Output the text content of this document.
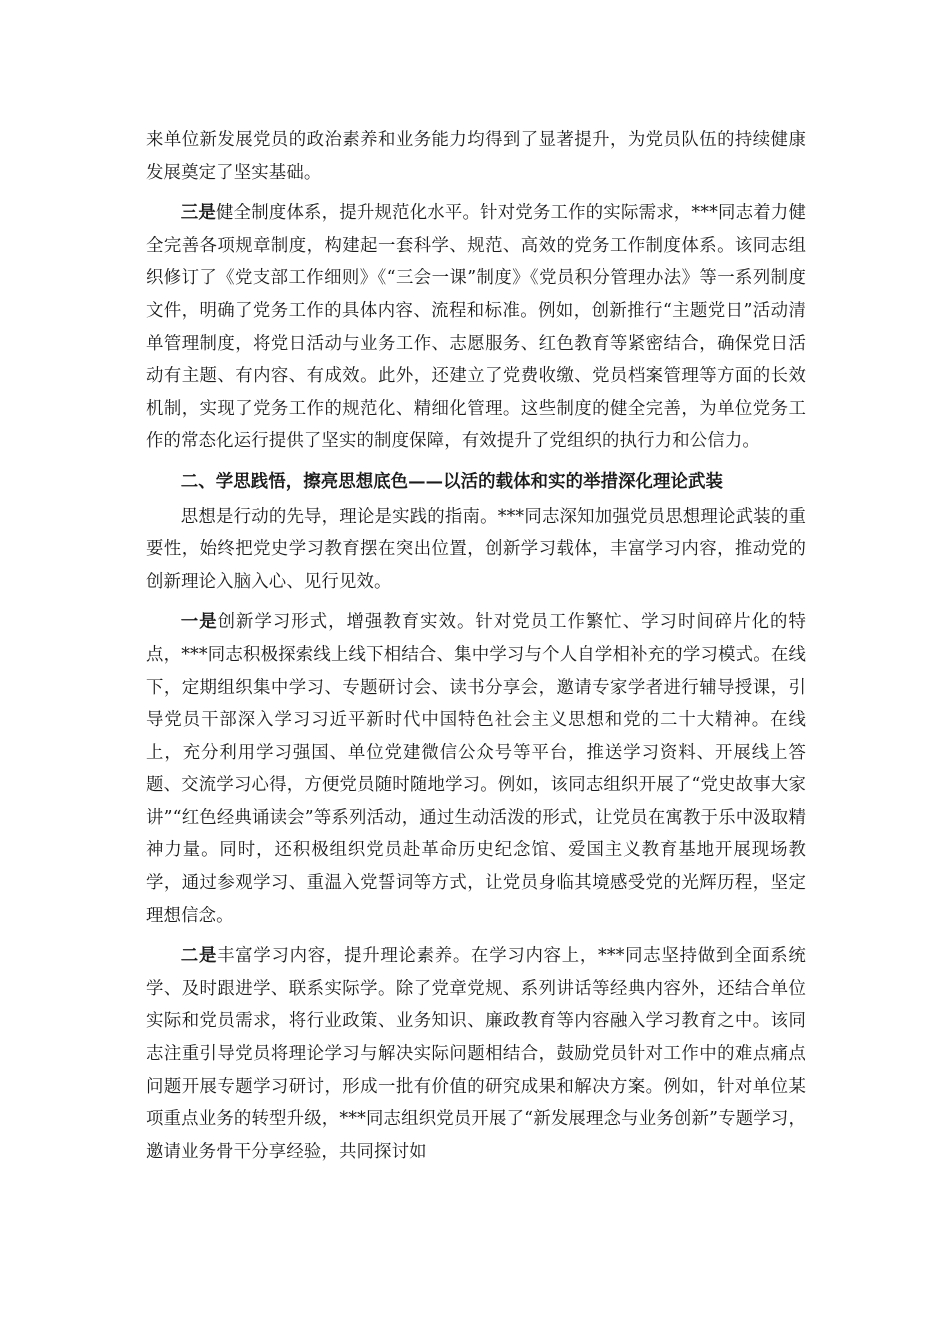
来单位新发展党员的政治素养和业务能力均得到了显著提升，为党员队伍的持续健康发展奠定了坚实基础。

三是健全制度体系，提升规范化水平。针对党务工作的实际需求，***同志着力健全完善各项规章制度，构建起一套科学、规范、高效的党务工作制度体系。该同志组织修订了《党支部工作细则》《“三会一课”制度》《党员积分管理办法》等一系列制度文件，明确了党务工作的具体内容、流程和标准。例如，创新推行“主题党日”活动清单管理制度，将党日活动与业务工作、志愿服务、红色教育等紧密结合，确保党日活动有主题、有内容、有成效。此外，还建立了党费收缴、党员档案管理等方面的长效机制，实现了党务工作的规范化、精细化管理。这些制度的健全完善，为单位党务工作的常态化运行提供了坚实的制度保障，有效提升了党组织的执行力和公信力。

二、学思践悟，擦亮思想底色——以活的载体和实的举措深化理论武装

思想是行动的先导，理论是实践的指南。***同志深知加强党员思想理论武装的重要性，始终把党史学习教育摆在突出位置，创新学习载体，丰富学习内容，推动党的创新理论入脑入心、见行见效。

一是创新学习形式，增强教育实效。针对党员工作繁忙、学习时间碎片化的特点，***同志积极探索线上线下相结合、集中学习与个人自学相补充的学习模式。在线下，定期组织集中学习、专题研讨会、读书分享会，邀请专家学者进行辅导授课，引导党员干部深入学习习近平新时代中国特色社会主义思想和党的二十大精神。在线上，充分利用学习强国、单位党建微信公众号等平台，推送学习资料、开展线上答题、交流学习心得，方便党员随时随地学习。例如，该同志组织开展了“党史故事大家讲”“红色经典诵读会”等系列活动，通过生动活泼的形式，让党员在寓教于乐中汲取精神力量。同时，还积极组织党员赴革命历史纪念馆、爱国主义教育基地开展现场教学，通过参观学习、重温入党誓词等方式，让党员身临其境感受党的光辉历程，坚定理想信念。

二是丰富学习内容，提升理论素养。在学习内容上，***同志坚持做到全面系统学、及时跟进学、联系实际学。除了党章党规、系列讲话等经典内容外，还结合单位实际和党员需求，将行业政策、业务知识、廉政教育等内容融入学习教育之中。该同志注重引导党员将理论学习与解决实际问题相结合，鼓励党员针对工作中的难点痛点问题开展专题学习研讨，形成一批有价值的研究成果和解决方案。例如，针对单位某项重点业务的转型升级，***同志组织党员开展了“新发展理念与业务创新”专题学习，邀请业务骨干分享经验，共同探讨如
